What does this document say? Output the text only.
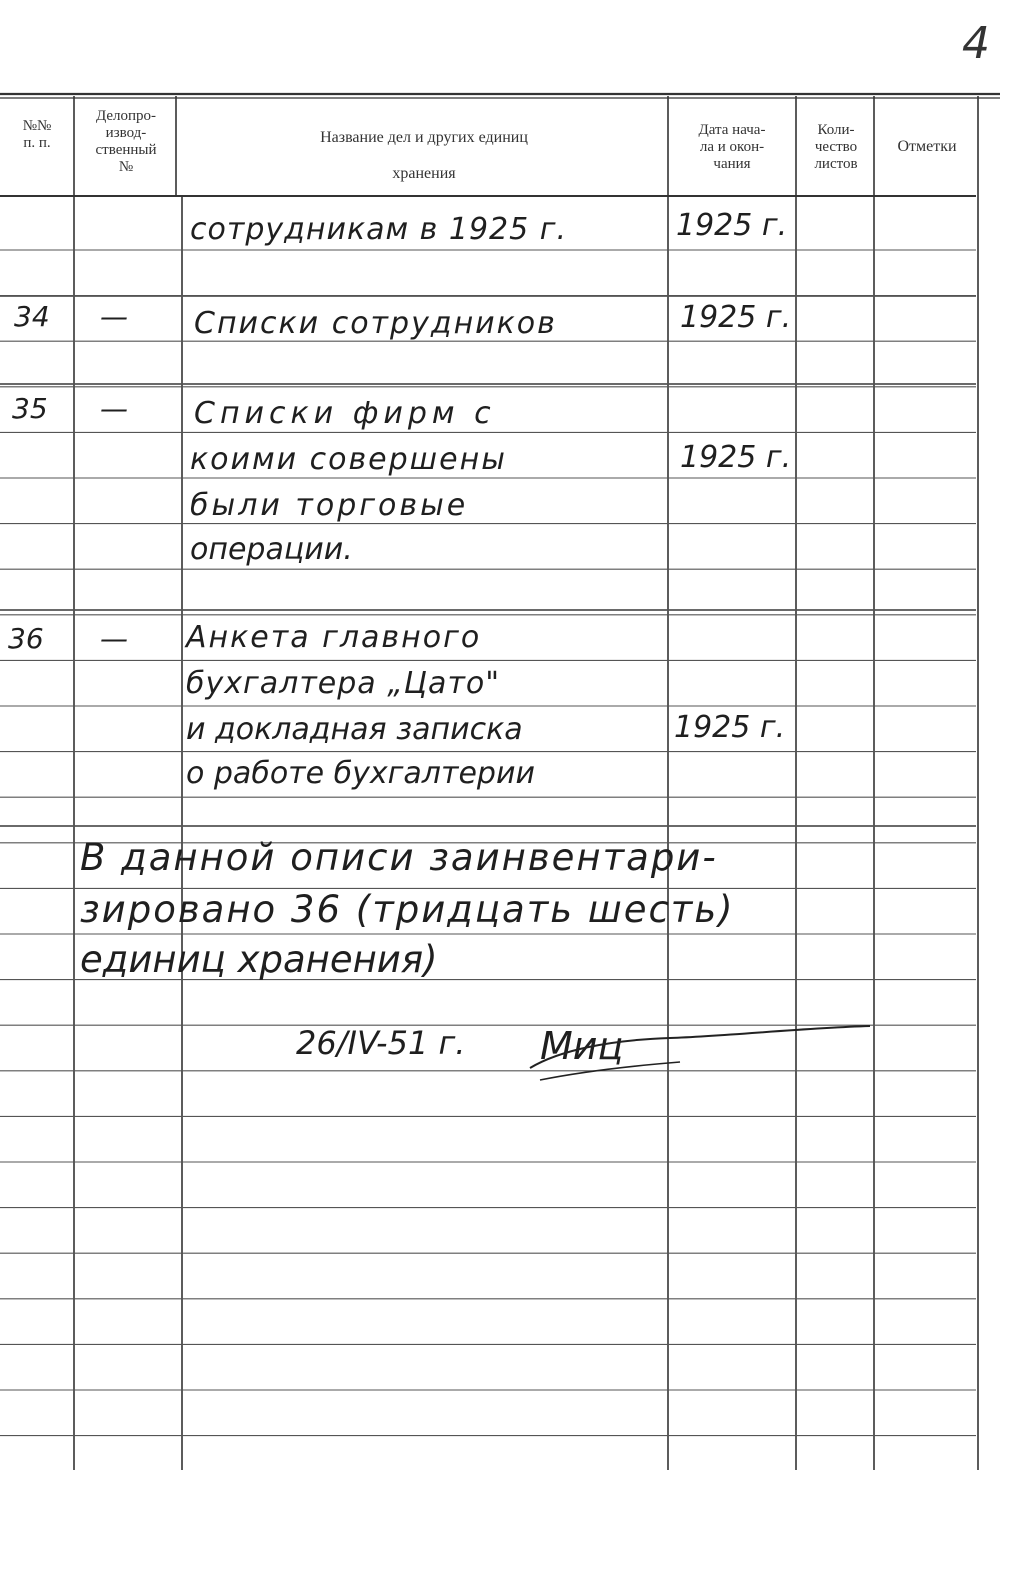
4
№№
п. п.
Делопро-
извод-
ственный
№
Название дел и других единиц
хранения
Дата нача-
ла и окон-
чания
Коли-
чество
листов
Отметки
сотрудникам в 1925 г.	1925 г.
34 — Списки сотрудников	1925 г.
35 — Списки фирм с
коими совершены
были торговые
операции.
1925 г.
36 — Анкета главного
бухгалтера „Цато"
и докладная записка
о работе бухгалтерии
1925 г.
В данной описи заинвентари-
зировано 36 (тридцать шесть)
единиц хранения)
26/IV-51 г. Миц
